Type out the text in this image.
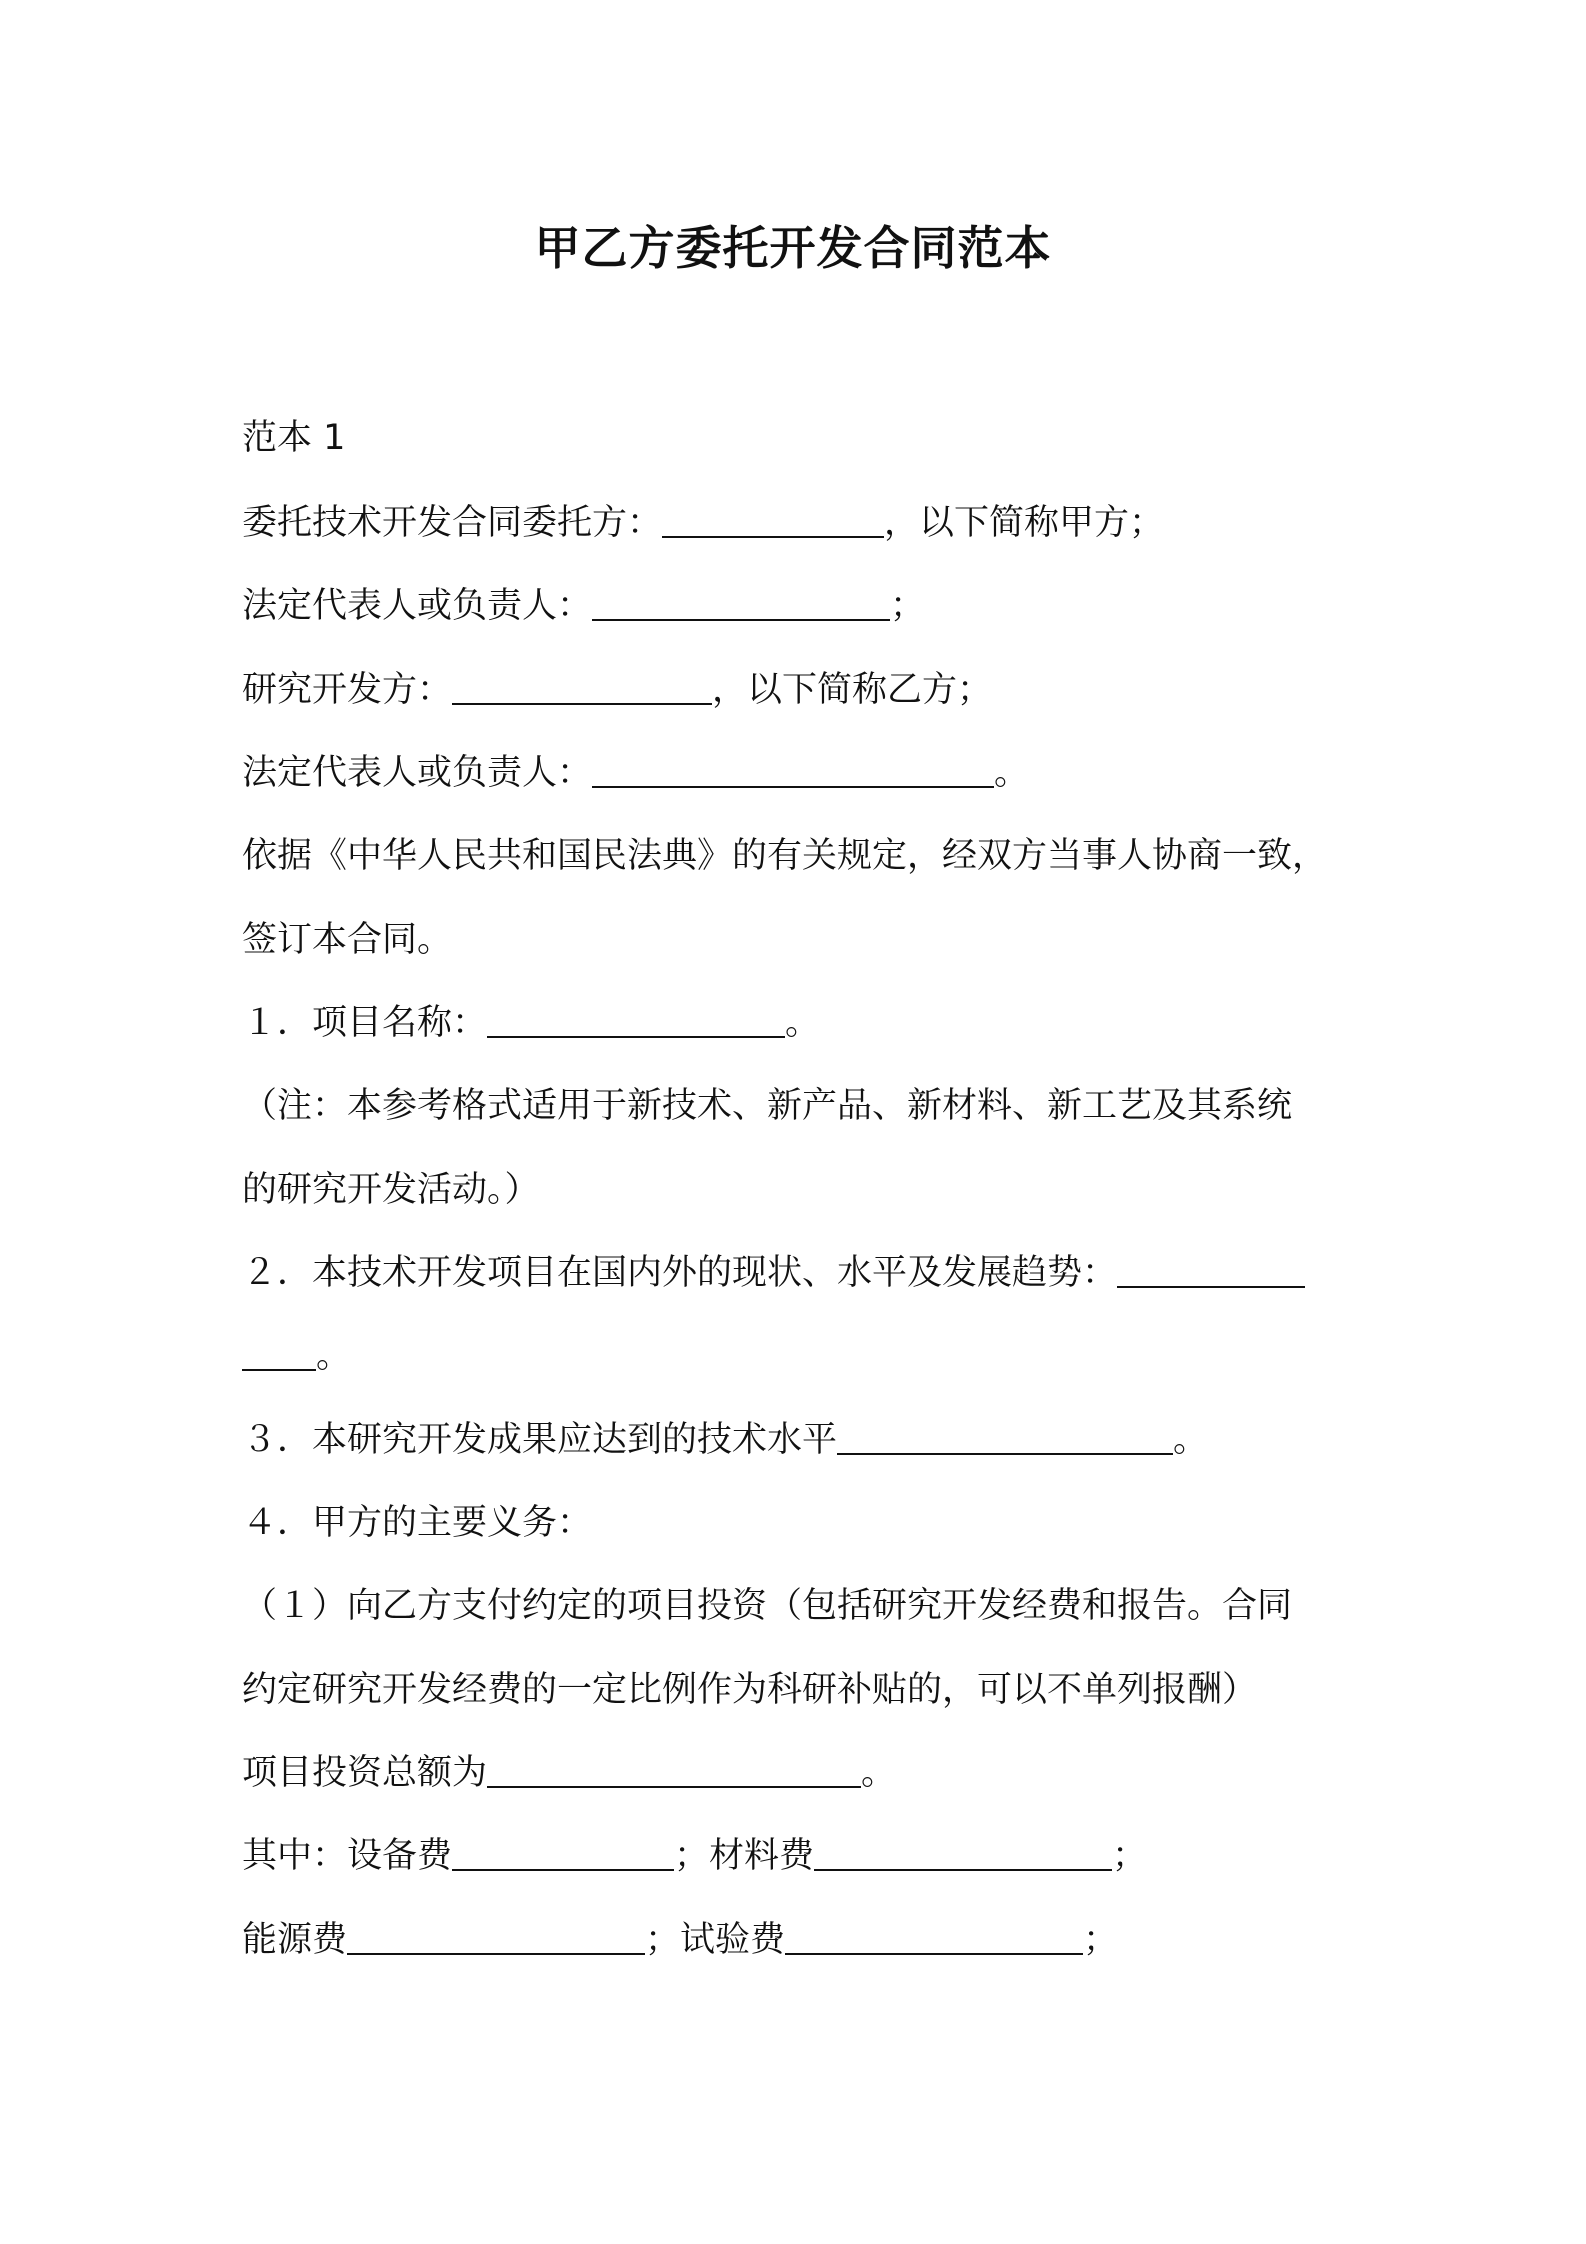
甲乙方委托开发合同范本
范本 1
委托技术开发合同委托方：	，以下简称甲方；
法定代表人或负责人：	；
研究开发方：	，以下简称乙方；
法定代表人或负责人：	。
依据《中华人民共和国民法典》的有关规定，经双方当事人协商一致，
签订本合同。
１．项目名称：	。
（注：本参考格式适用于新技术、新产品、新材料、新工艺及其系统
的研究开发活动。）
２．本技术开发项目在国内外的现状、水平及发展趋势：
。
３．本研究开发成果应达到的技术水平	。
４．甲方的主要义务：
（１）向乙方支付约定的项目投资（包括研究开发经费和报告。合同
约定研究开发经费的一定比例作为科研补贴的，可以不单列报酬）
项目投资总额为	。
其中：设备费	；材料费	；
能源费	；试验费	；
